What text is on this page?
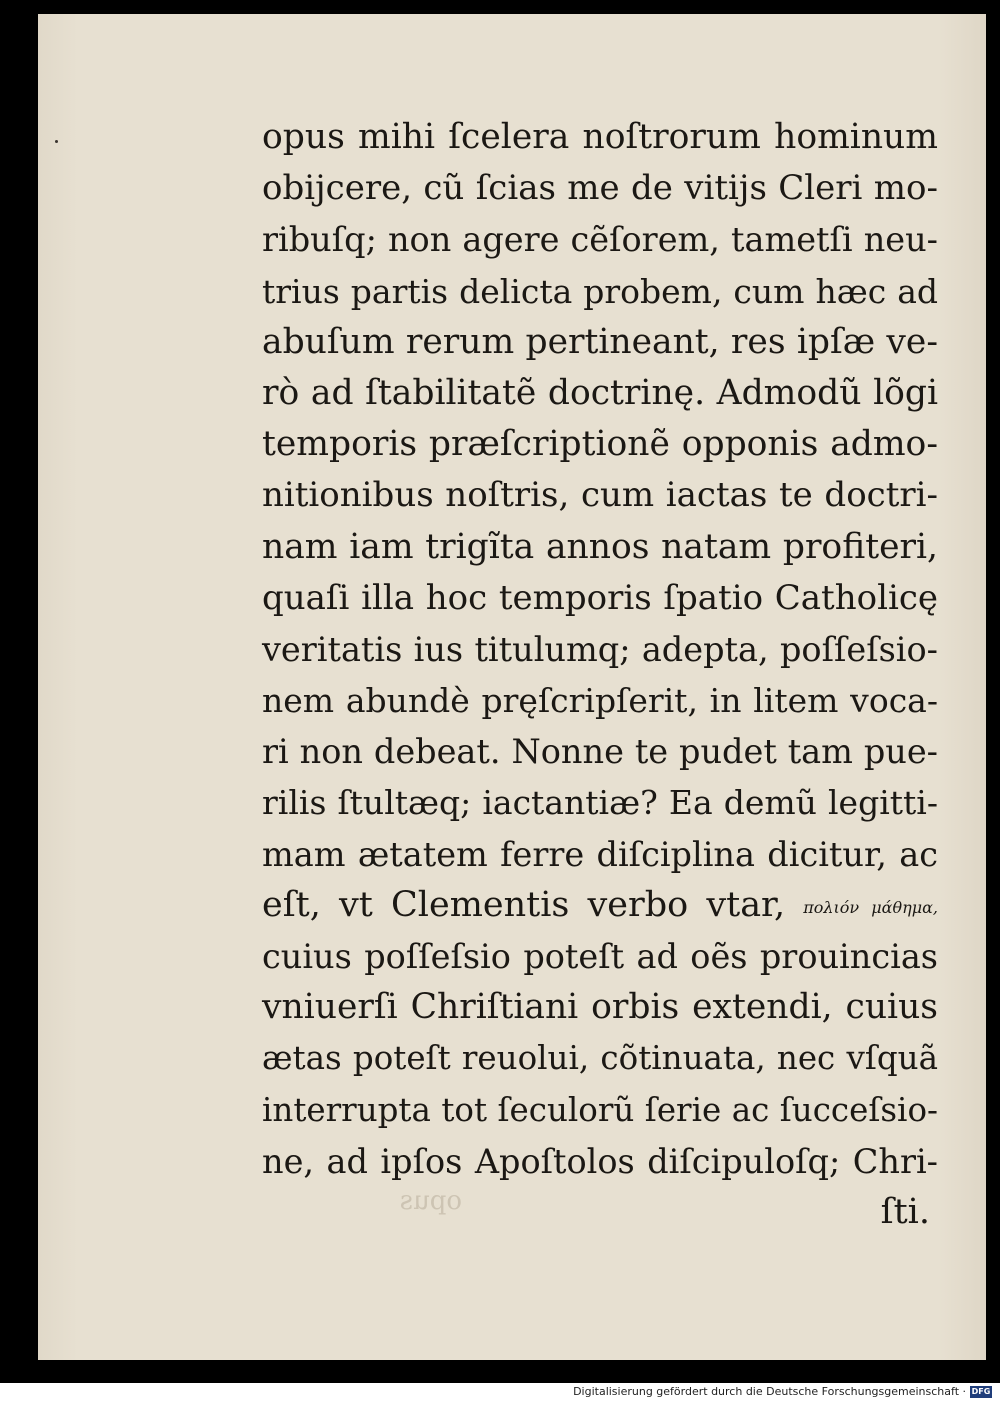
opus mihi ſcelera noſtrorum hominum
obijcere, cũ ſcias me de vitijs Cleri mo-
ribuſq; non agere cẽſorem, tametſi neu-
trius partis delicta probem, cum hæc ad
abuſum rerum pertineant, res ipſæ ve-
rò ad ſtabilitatẽ doctrinę. Admodũ lõgi
temporis præſcriptionẽ opponis admo-
nitionibus noſtris, cum iactas te doctri-
nam iam trigĩta annos natam profiteri,
quaſi illa hoc temporis ſpatio Catholicę
veritatis ius titulumq; adepta, poſſeſsio-
nem abundè pręſcripſerit, in litem voca-
ri non debeat. Nonne te pudet tam pue-
rilis ſtultæq; iactantiæ? Ea demũ legitti-
mam ætatem ferre diſciplina dicitur, ac
eſt, vt Clementis verbo vtar, πολιόν μάθημα,
cuius poſſeſsio poteſt ad oẽs prouincias
vniuerſi Chriſtiani orbis extendi, cuius
ætas poteſt reuolui, cõtinuata, nec vſquã
interrupta tot ſeculorũ ſerie ac ſucceſsio-
ne, ad ipſos Apoſtolos diſcipuloſq; Chri-
ſti.
opus
Digitalisierung gefördert durch die Deutsche Forschungsgemeinschaft · DFG
